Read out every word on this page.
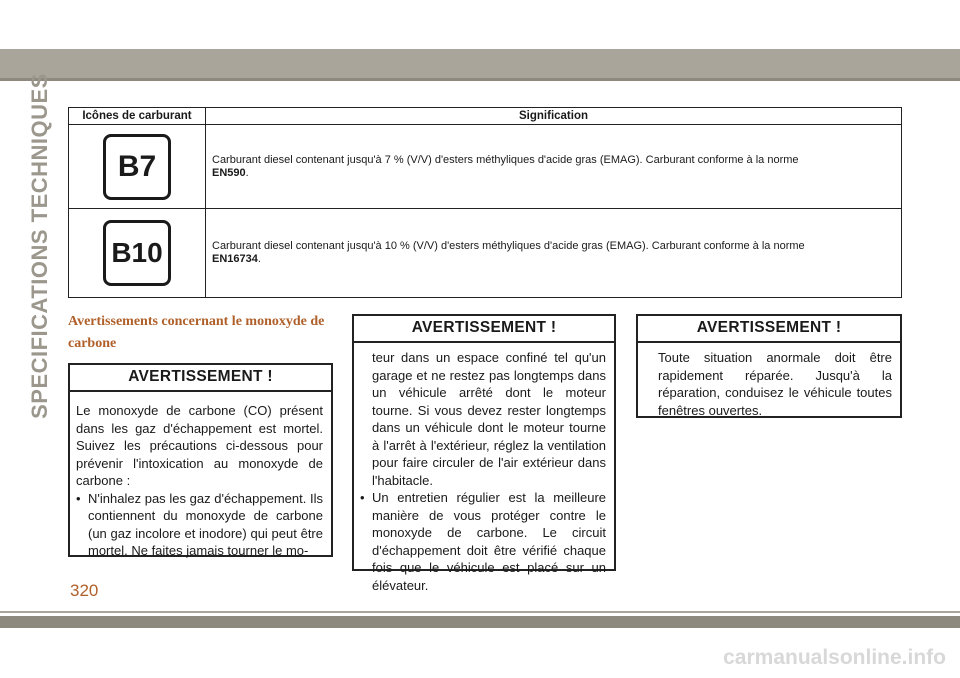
SPECIFICATIONS TECHNIQUES	Icônes de carburant	Signification
B7	Carburant diesel contenant jusqu'à 7 % (V/V) d'esters méthyliques d'acide gras (EMAG). Carburant conforme à la norme
EN590.
B10	Carburant diesel contenant jusqu'à 10 % (V/V) d'esters méthyliques d'acide gras (EMAG). Carburant conforme à la norme
EN16734.
Avertissements concernant le monoxyde de carbone
AVERTISSEMENT !
Le monoxyde de carbone (CO) présent dans les gaz d'échappement est mortel. Suivez les précautions ci-dessous pour prévenir l'intoxication au monoxyde de carbone :
• N'inhalez pas les gaz d'échappement. Ils contiennent du monoxyde de carbone (un gaz incolore et inodore) qui peut être mortel. Ne faites jamais tourner le mo-
AVERTISSEMENT !
teur dans un espace confiné tel qu'un garage et ne restez pas longtemps dans un véhicule arrêté dont le moteur tourne. Si vous devez rester longtemps dans un véhicule dont le moteur tourne à l'arrêt à l'extérieur, réglez la ventilation pour faire circuler de l'air extérieur dans l'habitacle.
• Un entretien régulier est la meilleure manière de vous protéger contre le monoxyde de carbone. Le circuit d'échappement doit être vérifié chaque fois que le véhicule est placé sur un élévateur.
AVERTISSEMENT !
Toute situation anormale doit être rapidement réparée. Jusqu'à la réparation, conduisez le véhicule toutes fenêtres ouvertes.
320
carmanualsonline.info
